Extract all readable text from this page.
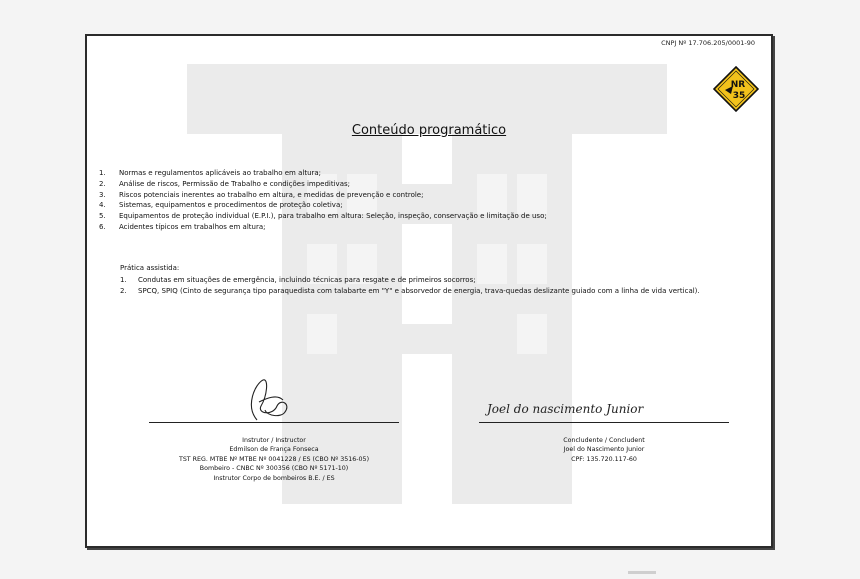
CNPJ Nº 17.706.205/0001-90
NR
35
Conteúdo programático
1. Normas e regulamentos aplicáveis ao trabalho em altura;
2. Análise de riscos, Permissão de Trabalho e condições impeditivas;
3. Riscos potenciais inerentes ao trabalho em altura, e medidas de prevenção e controle;
4. Sistemas, equipamentos e procedimentos de proteção coletiva;
5. Equipamentos de proteção individual (E.P.I.), para trabalho em altura: Seleção, inspeção, conservação e limitação de uso;
6. Acidentes típicos em trabalhos em altura;
Prática assistida:
1. Condutas em situações de emergência, incluindo técnicas para resgate e de primeiros socorros;
2. SPCQ, SPIQ (Cinto de segurança tipo paraquedista com talabarte em "Y" e absorvedor de energia, trava-quedas deslizante guiado com a linha de vida vertical).
Instrutor / Instructor
Edmilson de França Fonseca
TST REG. MTBE Nº MTBE Nº 0041228 / ES (CBO Nº 3516-05)
Bombeiro - CNBC Nº 300356 (CBO Nº 5171-10)
Instrutor Corpo de bombeiros B.E. / ES
Joel do nascimento Junior
Concludente / Concludent
Joel do Nascimento Junior
CPF: 135.720.117-60
